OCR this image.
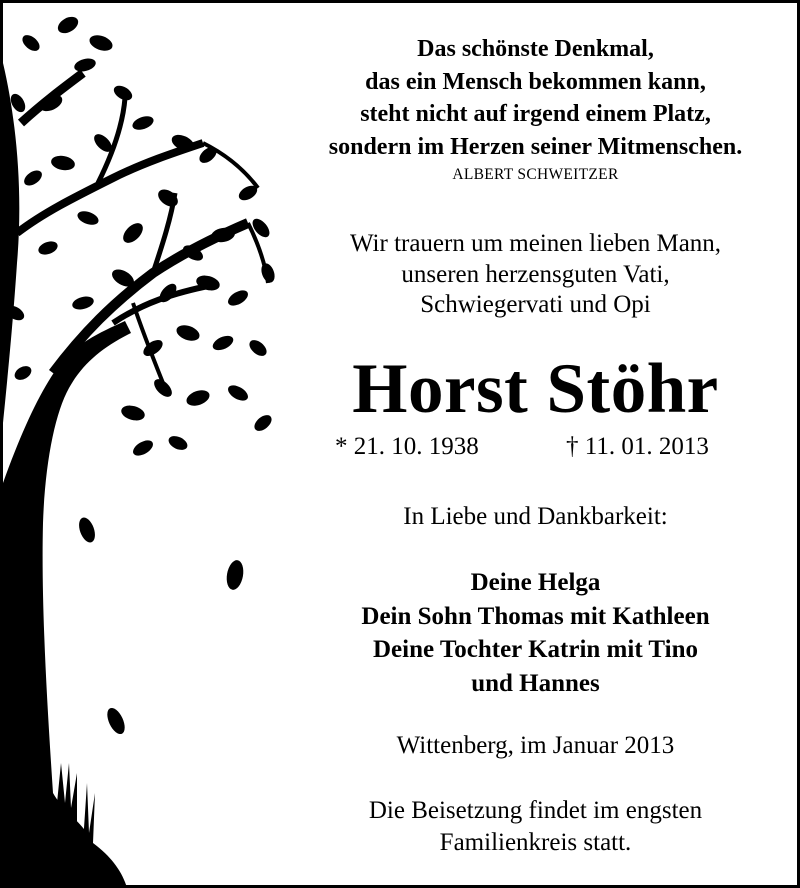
Das schönste Denkmal,
das ein Mensch bekommen kann,
steht nicht auf irgend einem Platz,
sondern im Herzen seiner Mitmenschen.
ALBERT SCHWEITZER
Wir trauern um meinen lieben Mann,
unseren herzensguten Vati,
Schwiegervati und Opi
Horst Stöhr
* 21. 10. 1938	† 11. 01. 2013
In Liebe und Dankbarkeit:
Deine Helga
Dein Sohn Thomas mit Kathleen
Deine Tochter Katrin mit Tino
und Hannes
Wittenberg, im Januar 2013
Die Beisetzung findet im engsten
Familienkreis statt.
